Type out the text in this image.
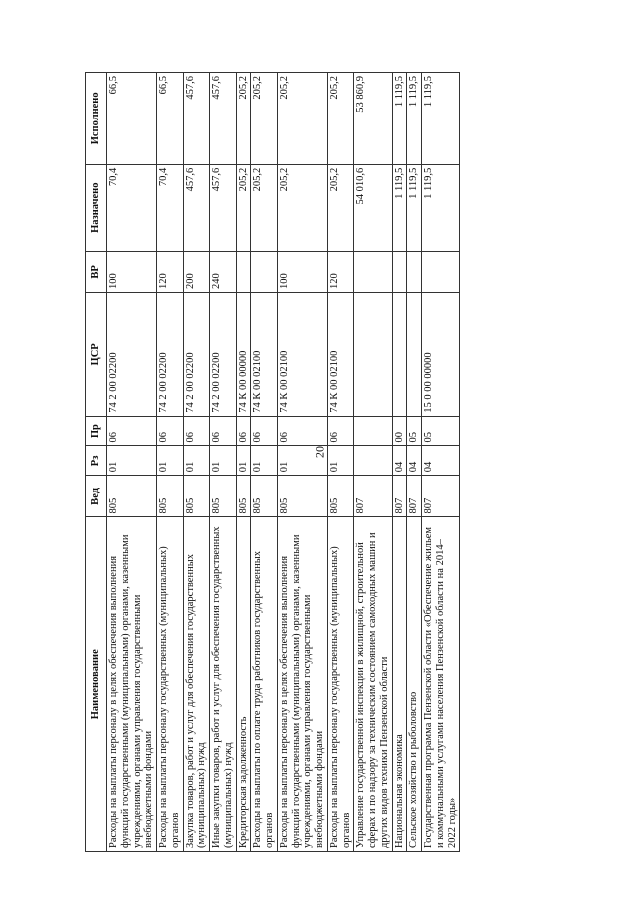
20
Наименование	Вед	Рз	Пр	ЦСР	ВР	Назначено	Исполнено
Расходы на выплаты персоналу в целях обеспечения выполнения функций государственными (муниципальными) органами, казенными учреждениями, органами управления государственными внебюджетными фондами	805	01	06	74 2 00 02200	100	70,4	66,5
Расходы на выплаты персоналу государственных (муниципальных) органов	805	01	06	74 2 00 02200	120	70,4	66,5
Закупка товаров, работ и услуг для обеспечения государственных (муниципальных) нужд	805	01	06	74 2 00 02200	200	457,6	457,6
Иные закупки товаров, работ и услуг для обеспечения государственных (муниципальных) нужд	805	01	06	74 2 00 02200	240	457,6	457,6
Кредиторская задолженность	805	01	06	74 К 00 00000		205,2	205,2
Расходы на выплаты по оплате труда работников государственных органов	805	01	06	74 К 00 02100		205,2	205,2
Расходы на выплаты персоналу в целях обеспечения выполнения функций государственными (муниципальными) органами, казенными учреждениями, органами управления государственными внебюджетными фондами	805	01	06	74 К 00 02100	100	205,2	205,2
Расходы на выплаты персоналу государственных (муниципальных) органов	805	01	06	74 К 00 02100	120	205,2	205,2
Управление государственной инспекции в жилищной, строительной сферах и по надзору за техническим состоянием самоходных машин и других видов техники Пензенской области	807					54 010,6	53 860,9
Национальная экономика	807	04	00			1 119,5	1 119,5
Сельское хозяйство и рыболовство	807	04	05			1 119,5	1 119,5
Государственная программа Пензенской области «Обеспечение жильем и коммунальными услугами населения Пензенской области на 2014–2022 годы»	807	04	05	15 0 00 00000		1 119,5	1 119,5
